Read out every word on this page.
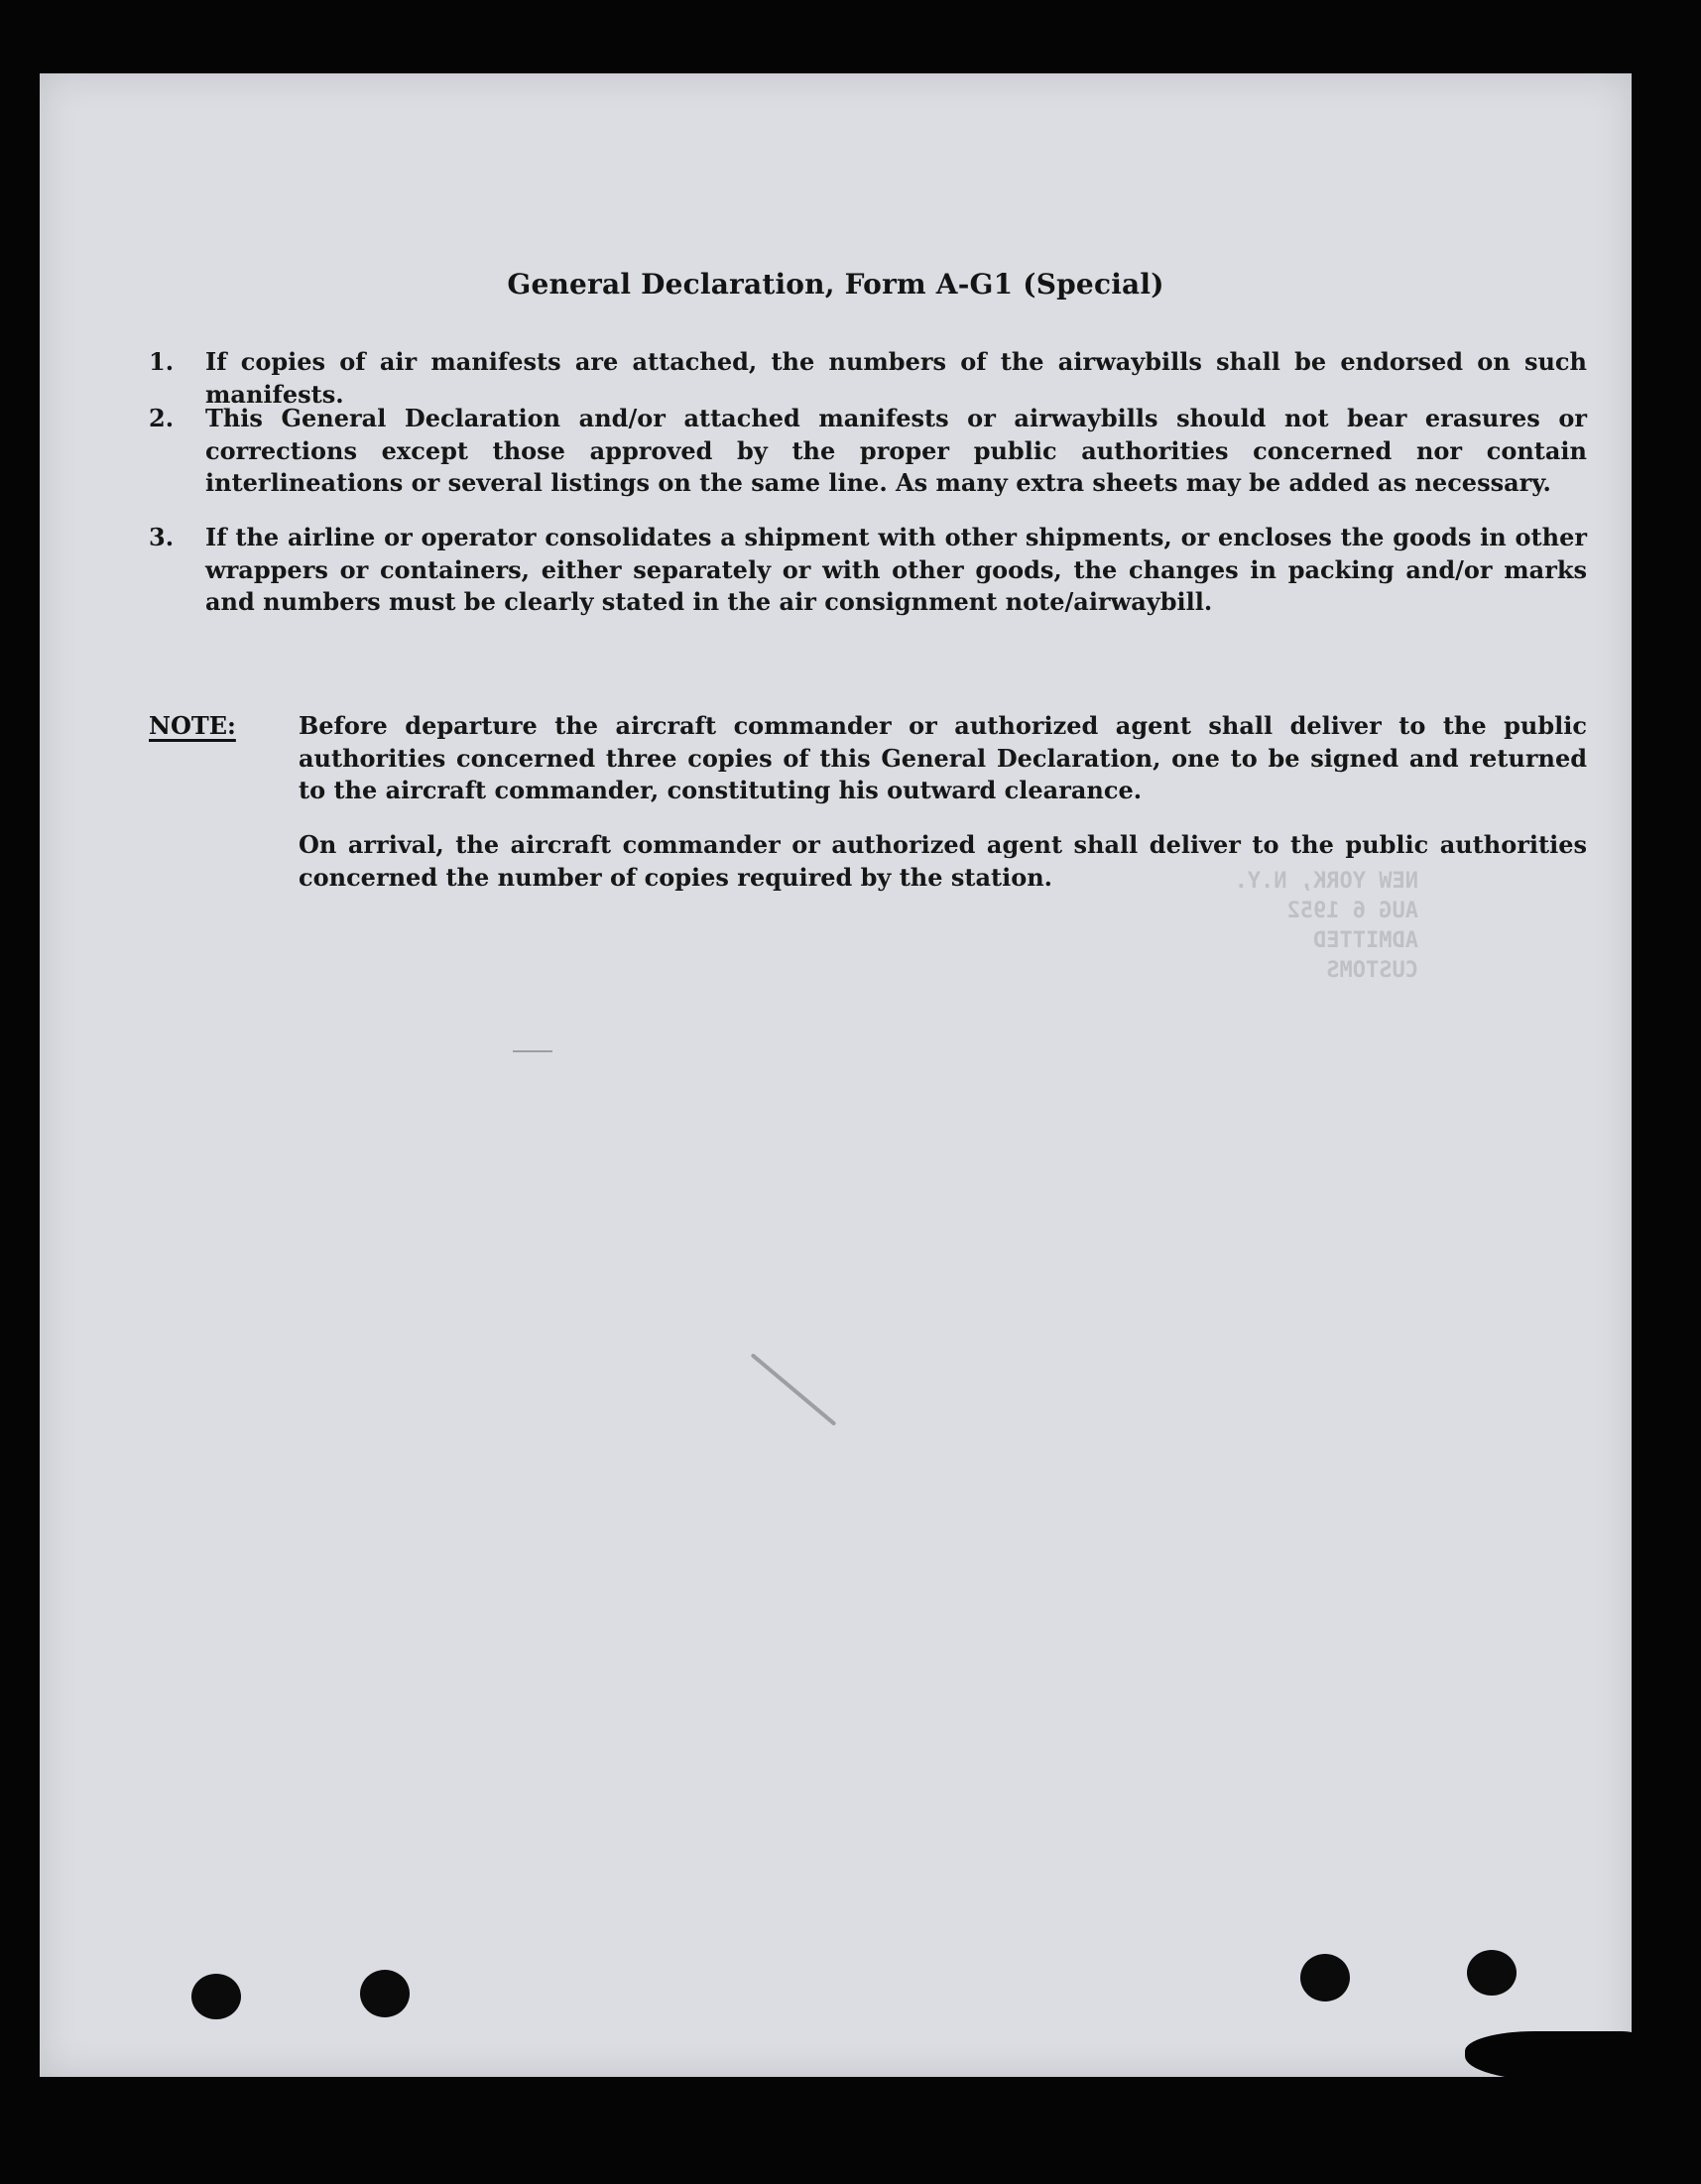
General Declaration, Form A-G1 (Special)
1. If copies of air manifests are attached, the numbers of the airwaybills shall be endorsed on such manifests.
2. This General Declaration and/or attached manifests or airwaybills should not bear erasures or corrections except those approved by the proper public authorities concerned nor contain interlineations or several listings on the same line. As many extra sheets may be added as necessary.
3. If the airline or operator consolidates a shipment with other shipments, or encloses the goods in other wrappers or containers, either separately or with other goods, the changes in packing and/or marks and numbers must be clearly stated in the air consignment note/airwaybill.
NOTE:	Before departure the aircraft commander or authorized agent shall deliver to the public authorities concerned three copies of this General Declaration, one to be signed and returned to the aircraft commander, constituting his outward clearance.
On arrival, the aircraft commander or authorized agent shall deliver to the public authorities concerned the number of copies required by the station.	NEW YORK, N.Y.
AUG 6 1952
ADMITTED
CUSTOMS
